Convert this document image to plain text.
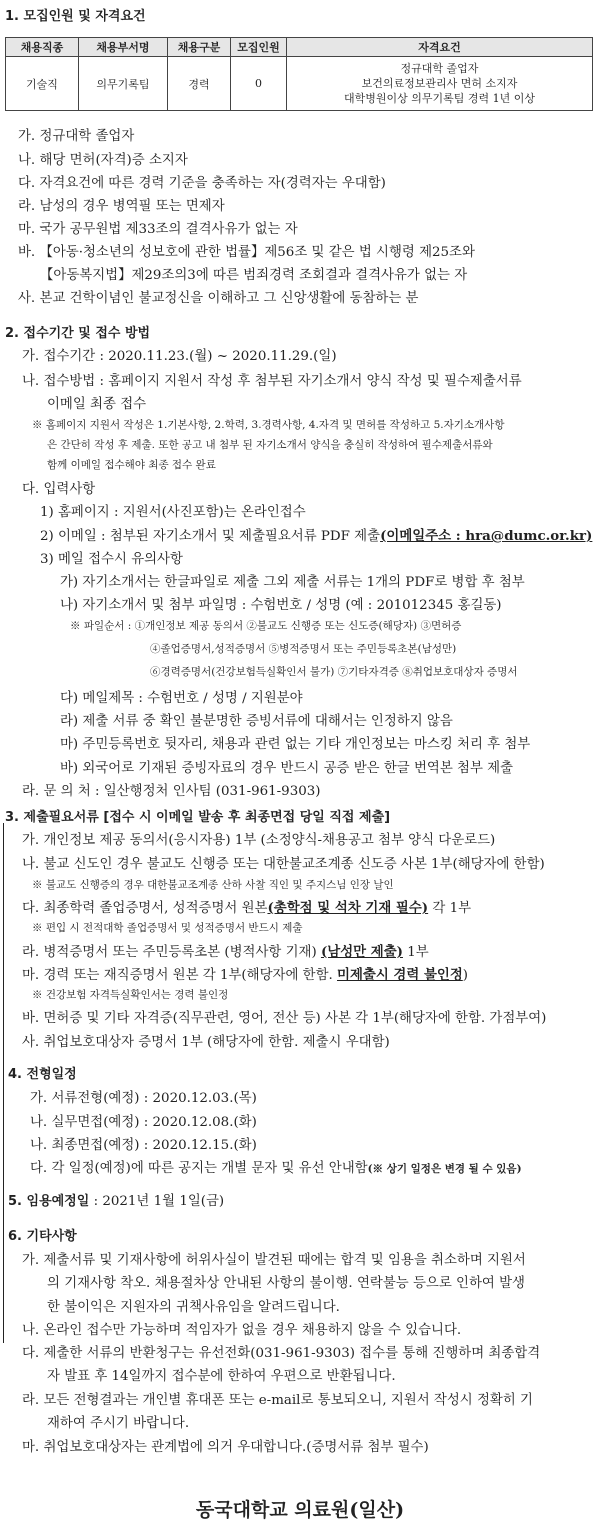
1. 모집인원 및 자격요건
채용직종	채용부서명	채용구분	모집인원	자격요건
기술직	의무기록팀	경력	0	정규대학 졸업자
보건의료정보관리사 면허 소지자
대학병원이상 의무기록팀 경력 1년 이상
가. 정규대학 졸업자
나. 해당 면허(자격)증 소지자
다. 자격요건에 따른 경력 기준을 충족하는 자(경력자는 우대함)
라. 남성의 경우 병역필 또는 면제자
마. 국가 공무원법 제33조의 결격사유가 없는 자
바. 【아동·청소년의 성보호에 관한 법률】제56조 및 같은 법 시행령 제25조와
【아동복지법】제29조의3에 따른 범죄경력 조회결과 결격사유가 없는 자
사. 본교 건학이념인 불교정신을 이해하고 그 신앙생활에 동참하는 분
2. 접수기간 및 접수 방법
가. 접수기간 : 2020.11.23.(월) ~ 2020.11.29.(일)
나. 접수방법 : 홈페이지 지원서 작성 후 첨부된 자기소개서 양식 작성 및 필수제출서류
이메일 최종 접수
※ 홈페이지 지원서 작성은 1.기본사항, 2.학력, 3.경력사항, 4.자격 및 면허를 작성하고 5.자기소개사항
은 간단히 작성 후 제출. 또한 공고 내 첨부 된 자기소개서 양식을 충실히 작성하여 필수제출서류와
함께 이메일 접수해야 최종 접수 완료
다. 입력사항
1) 홈페이지 : 지원서(사진포함)는 온라인접수
2) 이메일 : 첨부된 자기소개서 및 제출필요서류 PDF 제출(이메일주소 : hra@dumc.or.kr)
3) 메일 접수시 유의사항
가) 자기소개서는 한글파일로 제출 그외 제출 서류는 1개의 PDF로 병합 후 첨부
나) 자기소개서 및 첨부 파일명 : 수험번호 / 성명 (예 : 201012345 홍길동)
※ 파일순서 : ①개인정보 제공 동의서 ②불교도 신행증 또는 신도증(해당자) ③면허증
④졸업증명서,성적증명서 ⑤병적증명서 또는 주민등록초본(남성만)
⑥경력증명서(건강보험득실확인서 불가) ⑦기타자격증 ⑧취업보호대상자 증명서
다) 메일제목 : 수험번호 / 성명 / 지원분야
라) 제출 서류 중 확인 불분명한 증빙서류에 대해서는 인정하지 않음
마) 주민등록번호 뒷자리, 채용과 관련 없는 기타 개인정보는 마스킹 처리 후 첨부
바) 외국어로 기재된 증빙자료의 경우 반드시 공증 받은 한글 번역본 첨부 제출
라. 문 의 처 : 일산행정처 인사팀 (031-961-9303)
3. 제출필요서류 [접수 시 이메일 발송 후 최종면접 당일 직접 제출]
가. 개인정보 제공 동의서(응시자용) 1부 (소정양식-채용공고 첨부 양식 다운로드)
나. 불교 신도인 경우 불교도 신행증 또는 대한불교조계종 신도증 사본 1부(해당자에 한함)
※ 불교도 신행증의 경우 대한불교조계종 산하 사찰 직인 및 주지스님 인장 날인
다. 최종학력 졸업증명서, 성적증명서 원본(총학점 및 석차 기재 필수) 각 1부
※ 편입 시 전적대학 졸업증명서 및 성적증명서 반드시 제출
라. 병적증명서 또는 주민등록초본 (병적사항 기재) (남성만 제출) 1부
마. 경력 또는 재직증명서 원본 각 1부(해당자에 한함. 미제출시 경력 불인정)
※ 건강보험 자격득실확인서는 경력 불인정
바. 면허증 및 기타 자격증(직무관련, 영어, 전산 등) 사본 각 1부(해당자에 한함. 가점부여)
사. 취업보호대상자 증명서 1부 (해당자에 한함. 제출시 우대함)
4. 전형일정
가. 서류전형(예정) : 2020.12.03.(목)
나. 실무면접(예정) : 2020.12.08.(화)
나. 최종면접(예정) : 2020.12.15.(화)
다. 각 일정(예정)에 따른 공지는 개별 문자 및 유선 안내함(※ 상기 일정은 변경 될 수 있음)
5. 임용예정일 : 2021년 1월 1일(금)
6. 기타사항
가. 제출서류 및 기재사항에 허위사실이 발견된 때에는 합격 및 임용을 취소하며 지원서
의 기재사항 착오. 채용절차상 안내된 사항의 불이행. 연락불능 등으로 인하여 발생
한 불이익은 지원자의 귀책사유임을 알려드립니다.
나. 온라인 접수만 가능하며 적임자가 없을 경우 채용하지 않을 수 있습니다.
다. 제출한 서류의 반환청구는 유선전화(031-961-9303) 접수를 통해 진행하며 최종합격
자 발표 후 14일까지 접수분에 한하여 우편으로 반환됩니다.
라. 모든 전형결과는 개인별 휴대폰 또는 e-mail로 통보되오니, 지원서 작성시 정확히 기
재하여 주시기 바랍니다.
마. 취업보호대상자는 관계법에 의거 우대합니다.(증명서류 첨부 필수)
동국대학교 의료원(일산)
